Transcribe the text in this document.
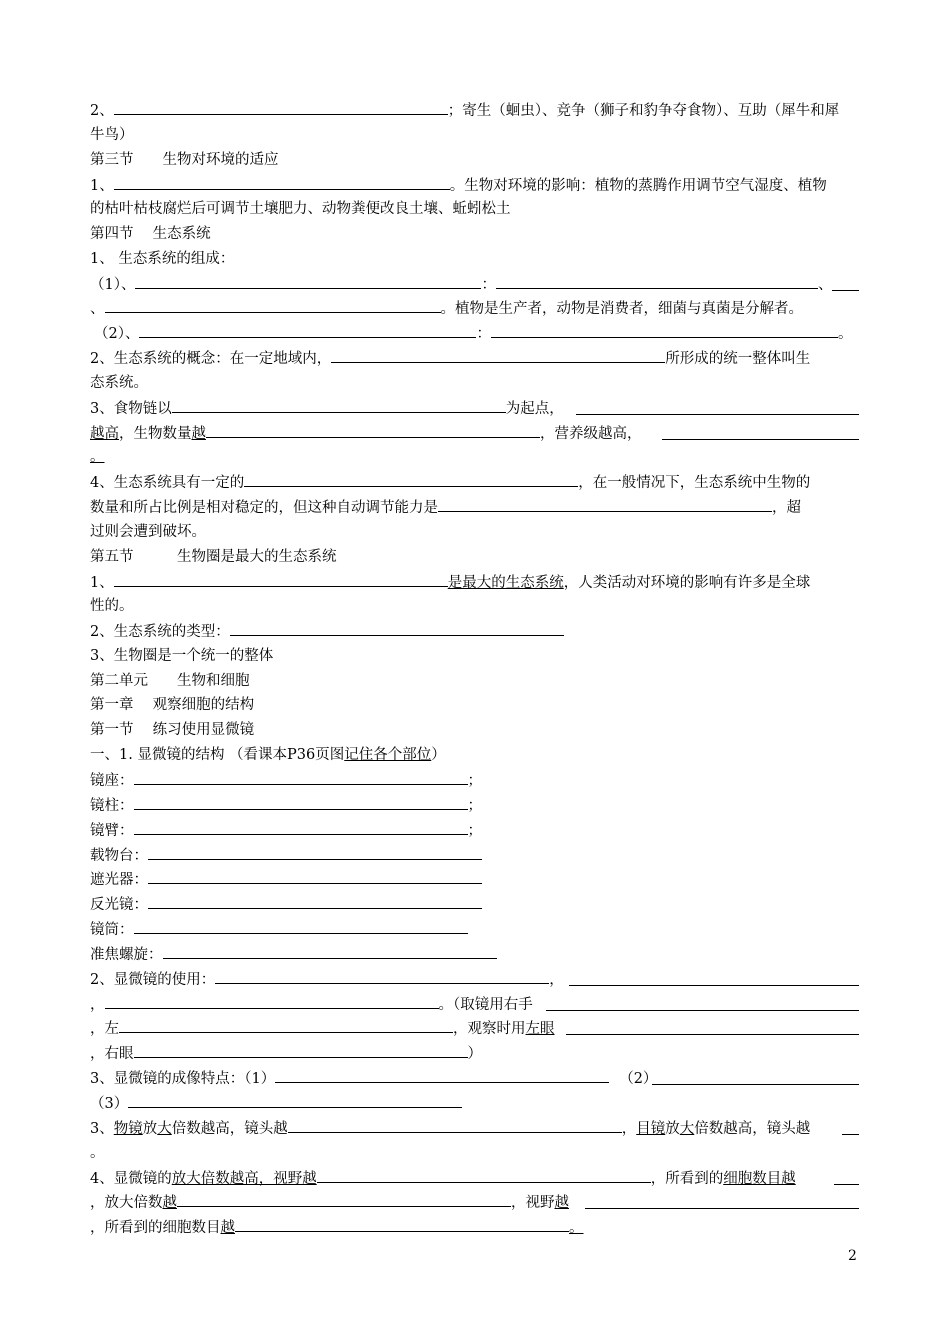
2、	；寄生（蛔虫）、竞争（狮子和豹争夺食物）、互助（犀牛和犀
牛鸟）
第三节　　生物对环境的适应
1、	。生物对环境的影响：植物的蒸腾作用调节空气湿度、植物
的枯叶枯枝腐烂后可调节土壤肥力、动物粪便改良土壤、蚯蚓松土
第四节　 生态系统
1、 生态系统的组成：
（1）、	：	、
、	。植物是生产者，动物是消费者，细菌与真菌是分解者。
（2）、	：	。
2、生态系统的概念：在一定地域内，	所形成的统一整体叫生
态系统。
3、食物链以	为起点，
越高，生物数量越	，营养级越高，
。
4、生态系统具有一定的	，在一般情况下，生态系统中生物的
数量和所占比例是相对稳定的，但这种自动调节能力是	，超
过则会遭到破坏。
第五节　　　生物圈是最大的生态系统
1、	是最大的生态系统，人类活动对环境的影响有许多是全球
性的。
2、生态系统的类型：
3、生物圈是一个统一的整体
第二单元　　生物和细胞
第一章　 观察细胞的结构
第一节　 练习使用显微镜
一、1. 显微镜的结构 （看课本P36页图记住各个部位）
镜座：	；
镜柱：	；
镜臂：	；
载物台：
遮光器：
反光镜：
镜筒：
准焦螺旋：
2、显微镜的使用：	，
，	。（取镜用右手
，左	，观察时用左眼
，右眼	）
3、显微镜的成像特点：（1）	（2）
（3）
3、物镜放大倍数越高，镜头越	，目镜放大倍数越高，镜头越
。
4、显微镜的放大倍数越高，视野越	，所看到的细胞数目越
，放大倍数越	，视野越
，所看到的细胞数目越	。
2
